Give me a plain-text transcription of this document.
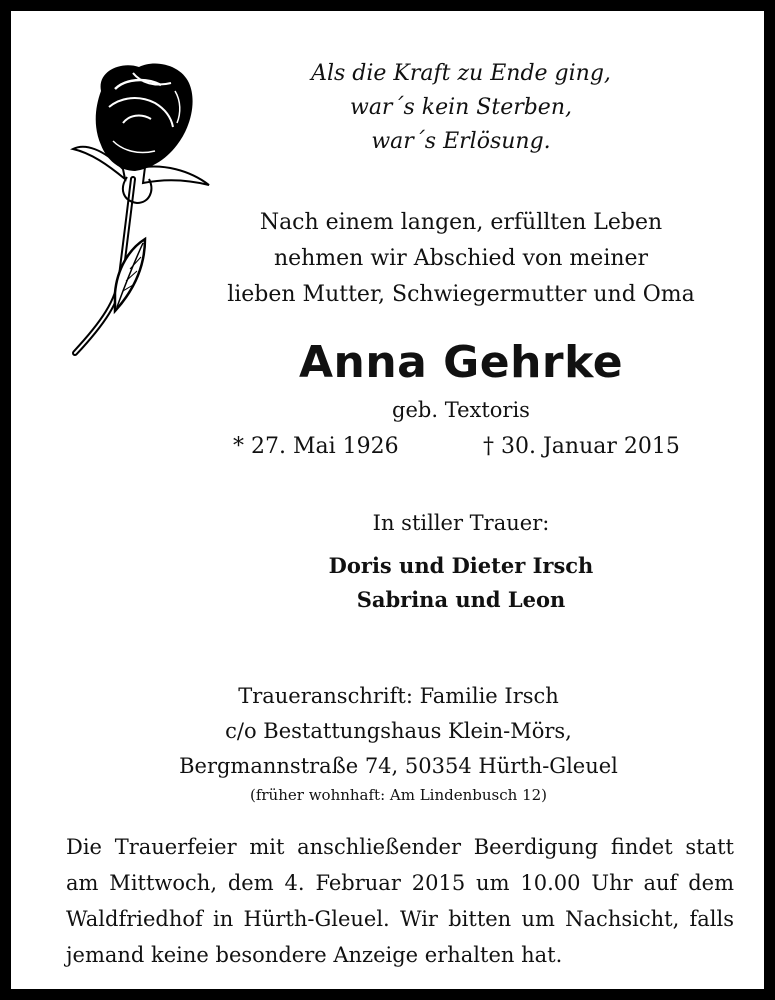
Als die Kraft zu Ende ging,
war´s kein Sterben,
war´s Erlösung.
Nach einem langen, erfüllten Leben
nehmen wir Abschied von meiner
lieben Mutter, Schwiegermutter und Oma
Anna Gehrke
geb. Textoris
* 27. Mai 1926	† 30. Januar 2015
In stiller Trauer:
Doris und Dieter Irsch
Sabrina und Leon
Traueranschrift: Familie Irsch
c/o Bestattungshaus Klein-Mörs,
Bergmannstraße 74, 50354 Hürth-Gleuel
(früher wohnhaft: Am Lindenbusch 12)
Die Trauerfeier mit anschließender Beerdigung findet statt
am Mittwoch, dem 4. Februar 2015 um 10.00 Uhr auf dem
Waldfriedhof in Hürth-Gleuel. Wir bitten um Nachsicht, falls
jemand keine besondere Anzeige erhalten hat.
